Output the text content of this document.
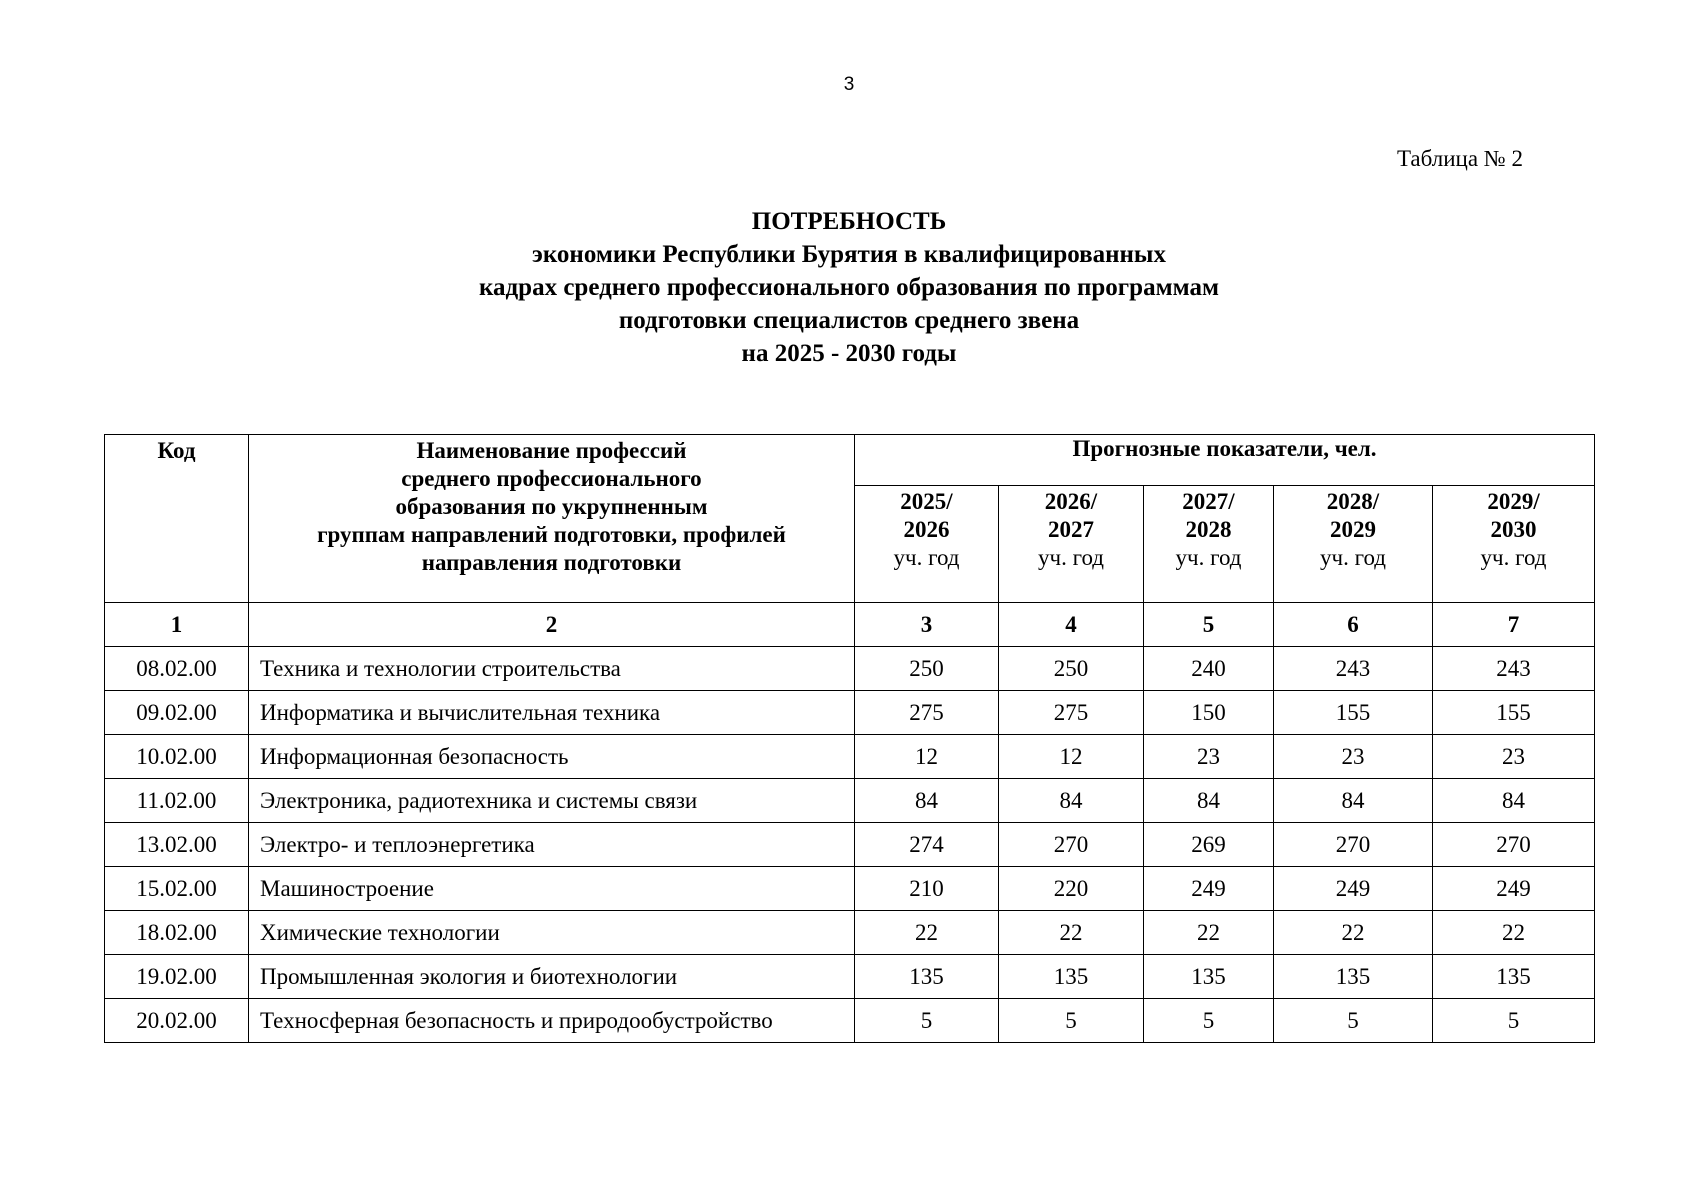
3
Таблица № 2
ПОТРЕБНОСТЬ
экономики Республики Бурятия в квалифицированных
кадрах среднего профессионального образования по программам
подготовки специалистов среднего звена
на 2025 - 2030 годы
Код	Наименование профессий
среднего профессионального
образования по укрупненным
группам направлений подготовки, профилей
направления подготовки	Прогнозные показатели, чел.				

		2025/
2026
уч. год	2026/
2027
уч. год	2027/
2028
уч. год	2028/
2029
уч. год	2029/
2030
уч. год

1	2	3	4	5	6	7
08.02.00	Техника и технологии строительства	250	250	240	243	243
09.02.00	Информатика и вычислительная техника	275	275	150	155	155
10.02.00	Информационная безопасность	12	12	23	23	23
11.02.00	Электроника, радиотехника и системы связи	84	84	84	84	84
13.02.00	Электро- и теплоэнергетика	274	270	269	270	270
15.02.00	Машиностроение	210	220	249	249	249
18.02.00	Химические технологии	22	22	22	22	22
19.02.00	Промышленная экология и биотехнологии	135	135	135	135	135
20.02.00	Техносферная безопасность и природообустройство	5	5	5	5	5
